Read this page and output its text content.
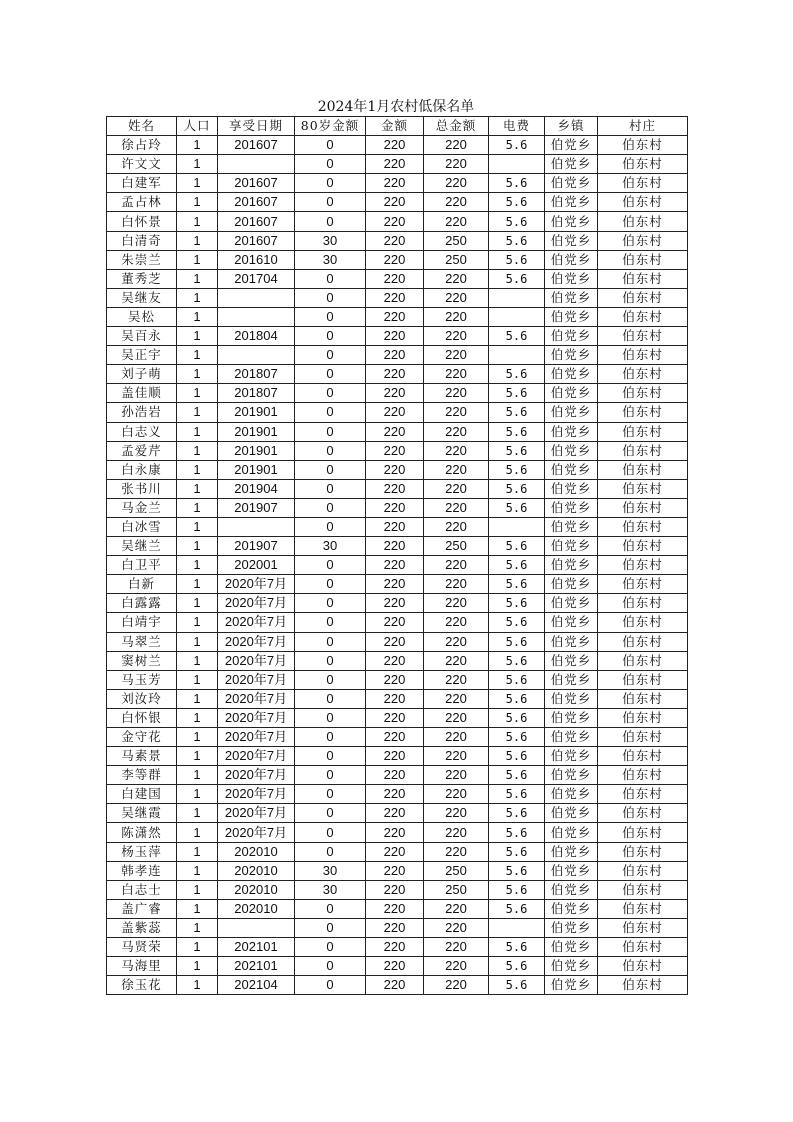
2024年1月农村低保名单
姓名	人口	享受日期	80岁金额	金额	总金额	电费	乡镇	村庄
徐占玲	1	201607	0	220	220	5.6	伯党乡	伯东村
许文文	1		0	220	220		伯党乡	伯东村
白建军	1	201607	0	220	220	5.6	伯党乡	伯东村
孟占林	1	201607	0	220	220	5.6	伯党乡	伯东村
白怀景	1	201607	0	220	220	5.6	伯党乡	伯东村
白清奇	1	201607	30	220	250	5.6	伯党乡	伯东村
朱崇兰	1	201610	30	220	250	5.6	伯党乡	伯东村
董秀芝	1	201704	0	220	220	5.6	伯党乡	伯东村
吴继友	1		0	220	220		伯党乡	伯东村
吴松	1		0	220	220		伯党乡	伯东村
吴百永	1	201804	0	220	220	5.6	伯党乡	伯东村
吴正宇	1		0	220	220		伯党乡	伯东村
刘子萌	1	201807	0	220	220	5.6	伯党乡	伯东村
盖佳顺	1	201807	0	220	220	5.6	伯党乡	伯东村
孙浩岩	1	201901	0	220	220	5.6	伯党乡	伯东村
白志义	1	201901	0	220	220	5.6	伯党乡	伯东村
孟爱芹	1	201901	0	220	220	5.6	伯党乡	伯东村
白永康	1	201901	0	220	220	5.6	伯党乡	伯东村
张书川	1	201904	0	220	220	5.6	伯党乡	伯东村
马金兰	1	201907	0	220	220	5.6	伯党乡	伯东村
白冰雪	1		0	220	220		伯党乡	伯东村
吴继兰	1	201907	30	220	250	5.6	伯党乡	伯东村
白卫平	1	202001	0	220	220	5.6	伯党乡	伯东村
白新	1	2020年7月	0	220	220	5.6	伯党乡	伯东村
白露露	1	2020年7月	0	220	220	5.6	伯党乡	伯东村
白靖宇	1	2020年7月	0	220	220	5.6	伯党乡	伯东村
马翠兰	1	2020年7月	0	220	220	5.6	伯党乡	伯东村
窦树兰	1	2020年7月	0	220	220	5.6	伯党乡	伯东村
马玉芳	1	2020年7月	0	220	220	5.6	伯党乡	伯东村
刘汝玲	1	2020年7月	0	220	220	5.6	伯党乡	伯东村
白怀银	1	2020年7月	0	220	220	5.6	伯党乡	伯东村
金守花	1	2020年7月	0	220	220	5.6	伯党乡	伯东村
马素景	1	2020年7月	0	220	220	5.6	伯党乡	伯东村
李等群	1	2020年7月	0	220	220	5.6	伯党乡	伯东村
白建国	1	2020年7月	0	220	220	5.6	伯党乡	伯东村
吴继霞	1	2020年7月	0	220	220	5.6	伯党乡	伯东村
陈潇然	1	2020年7月	0	220	220	5.6	伯党乡	伯东村
杨玉萍	1	202010	0	220	220	5.6	伯党乡	伯东村
韩孝连	1	202010	30	220	250	5.6	伯党乡	伯东村
白志士	1	202010	30	220	250	5.6	伯党乡	伯东村
盖广睿	1	202010	0	220	220	5.6	伯党乡	伯东村
盖紫蕊	1		0	220	220		伯党乡	伯东村
马贤荣	1	202101	0	220	220	5.6	伯党乡	伯东村
马海里	1	202101	0	220	220	5.6	伯党乡	伯东村
徐玉花	1	202104	0	220	220	5.6	伯党乡	伯东村
